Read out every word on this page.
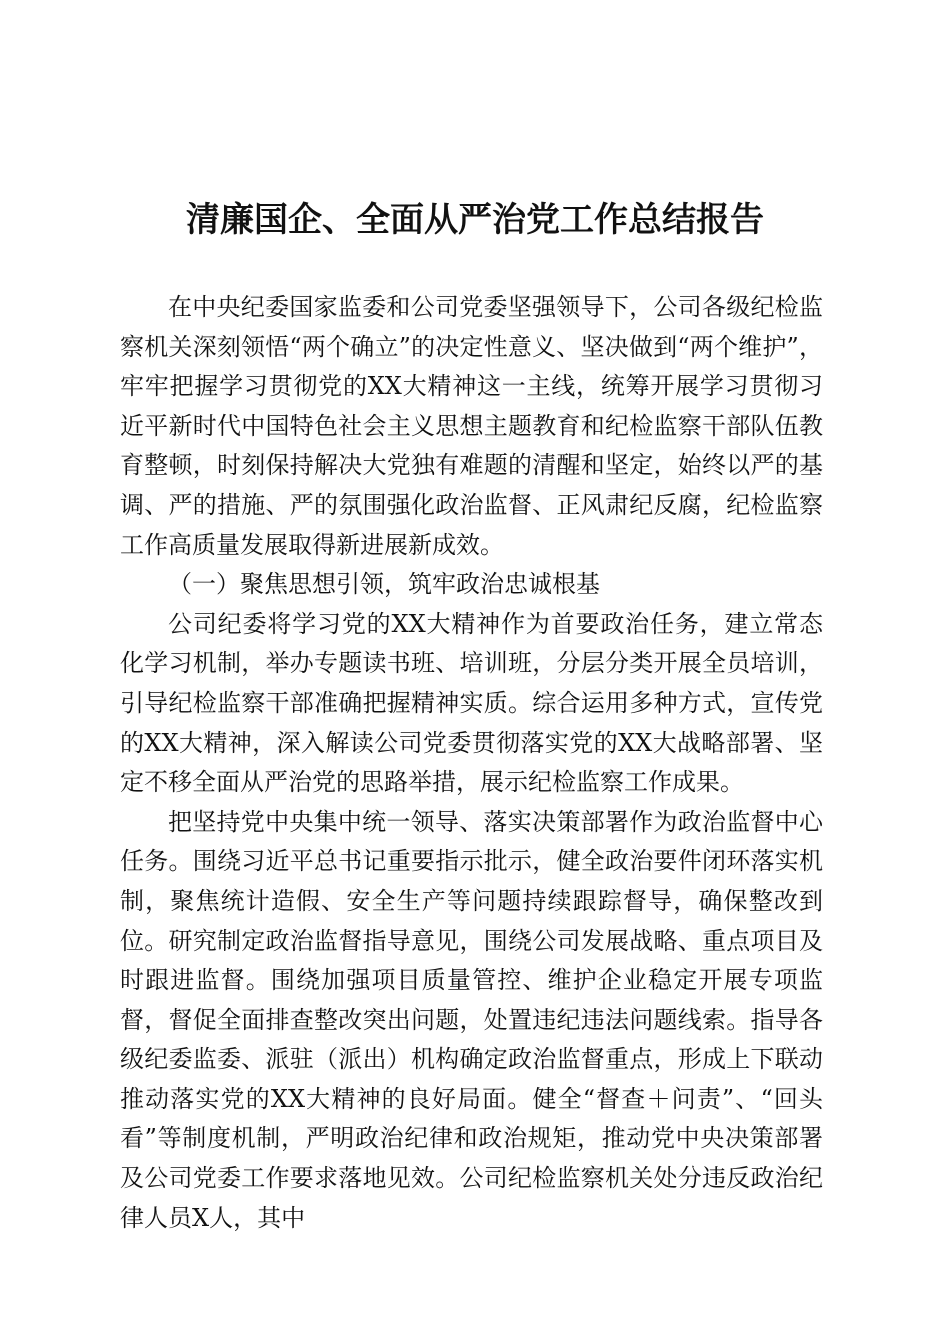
清廉国企、全面从严治党工作总结报告

在中央纪委国家监委和公司党委坚强领导下，公司各级纪检监察机关深刻领悟“两个确立”的决定性意义、坚决做到“两个维护”，牢牢把握学习贯彻党的XX大精神这一主线，统筹开展学习贯彻习近平新时代中国特色社会主义思想主题教育和纪检监察干部队伍教育整顿，时刻保持解决大党独有难题的清醒和坚定，始终以严的基调、严的措施、严的氛围强化政治监督、正风肃纪反腐，纪检监察工作高质量发展取得新进展新成效。

（一）聚焦思想引领，筑牢政治忠诚根基

公司纪委将学习党的XX大精神作为首要政治任务，建立常态化学习机制，举办专题读书班、培训班，分层分类开展全员培训，引导纪检监察干部准确把握精神实质。综合运用多种方式，宣传党的XX大精神，深入解读公司党委贯彻落实党的XX大战略部署、坚定不移全面从严治党的思路举措，展示纪检监察工作成果。

把坚持党中央集中统一领导、落实决策部署作为政治监督中心任务。围绕习近平总书记重要指示批示，健全政治要件闭环落实机制，聚焦统计造假、安全生产等问题持续跟踪督导，确保整改到位。研究制定政治监督指导意见，围绕公司发展战略、重点项目及时跟进监督。围绕加强项目质量管控、维护企业稳定开展专项监督，督促全面排查整改突出问题，处置违纪违法问题线索。指导各级纪委监委、派驻（派出）机构确定政治监督重点，形成上下联动推动落实党的XX大精神的良好局面。健全“督查＋问责”、“回头看”等制度机制，严明政治纪律和政治规矩，推动党中央决策部署及公司党委工作要求落地见效。公司纪检监察机关处分违反政治纪律人员X人，其中
